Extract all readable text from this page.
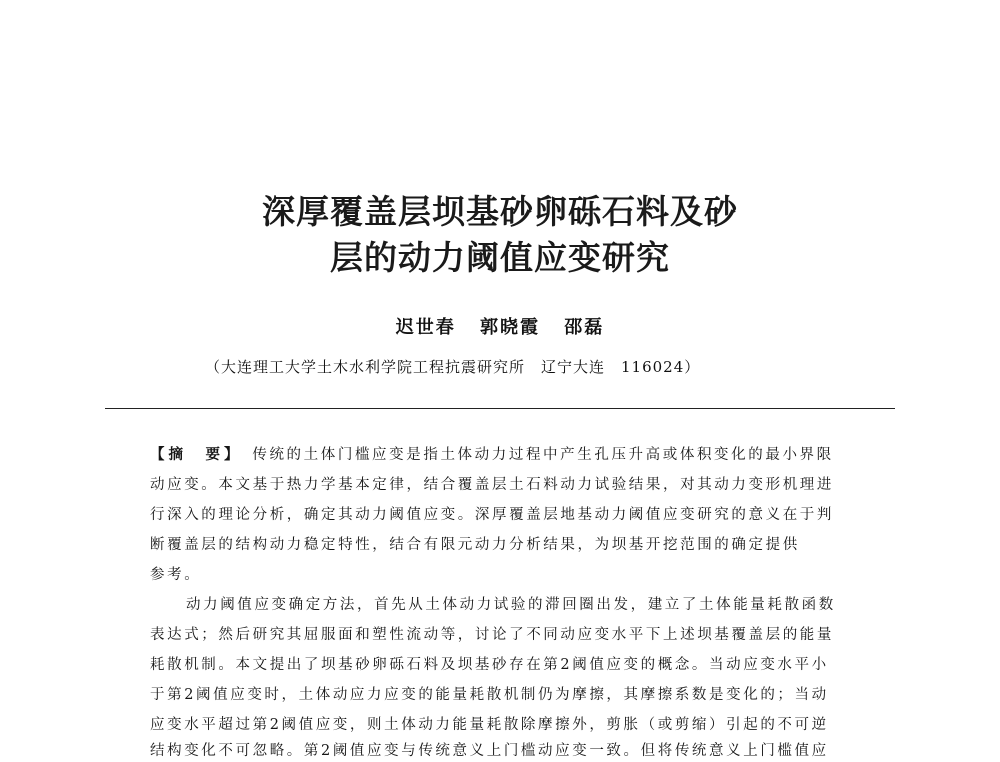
深厚覆盖层坝基砂卵砾石料及砂
层的动力阈值应变研究
迟世春 郭晓霞 邵磊
（大连理工大学土木水利学院工程抗震研究所　辽宁大连　116024）
【摘　要】　 传统的土体门槛应变是指土体动力过程中产生孔压升高或体积变化的最小界限
动应变。本文基于热力学基本定律，结合覆盖层土石料动力试验结果，对其动力变形机理进
行深入的理论分析，确定其动力阈值应变。深厚覆盖层地基动力阈值应变研究的意义在于判
断覆盖层的结构动力稳定特性，结合有限元动力分析结果，为坝基开挖范围的确定提供
参考。
动力阈值应变确定方法，首先从土体动力试验的滞回圈出发，建立了土体能量耗散函数
表达式；然后研究其屈服面和塑性流动等，讨论了不同动应变水平下上述坝基覆盖层的能量
耗散机制。本文提出了坝基砂卵砾石料及坝基砂存在第2阈值应变的概念。当动应变水平小
于第2阈值应变时，土体动应力应变的能量耗散机制仍为摩擦，其摩擦系数是变化的；当动
应变水平超过第2阈值应变，则土体动力能量耗散除摩擦外，剪胀（或剪缩）引起的不可逆
结构变化不可忽略。第2阈值应变与传统意义上门槛动应变一致。但将传统意义上门槛值应
